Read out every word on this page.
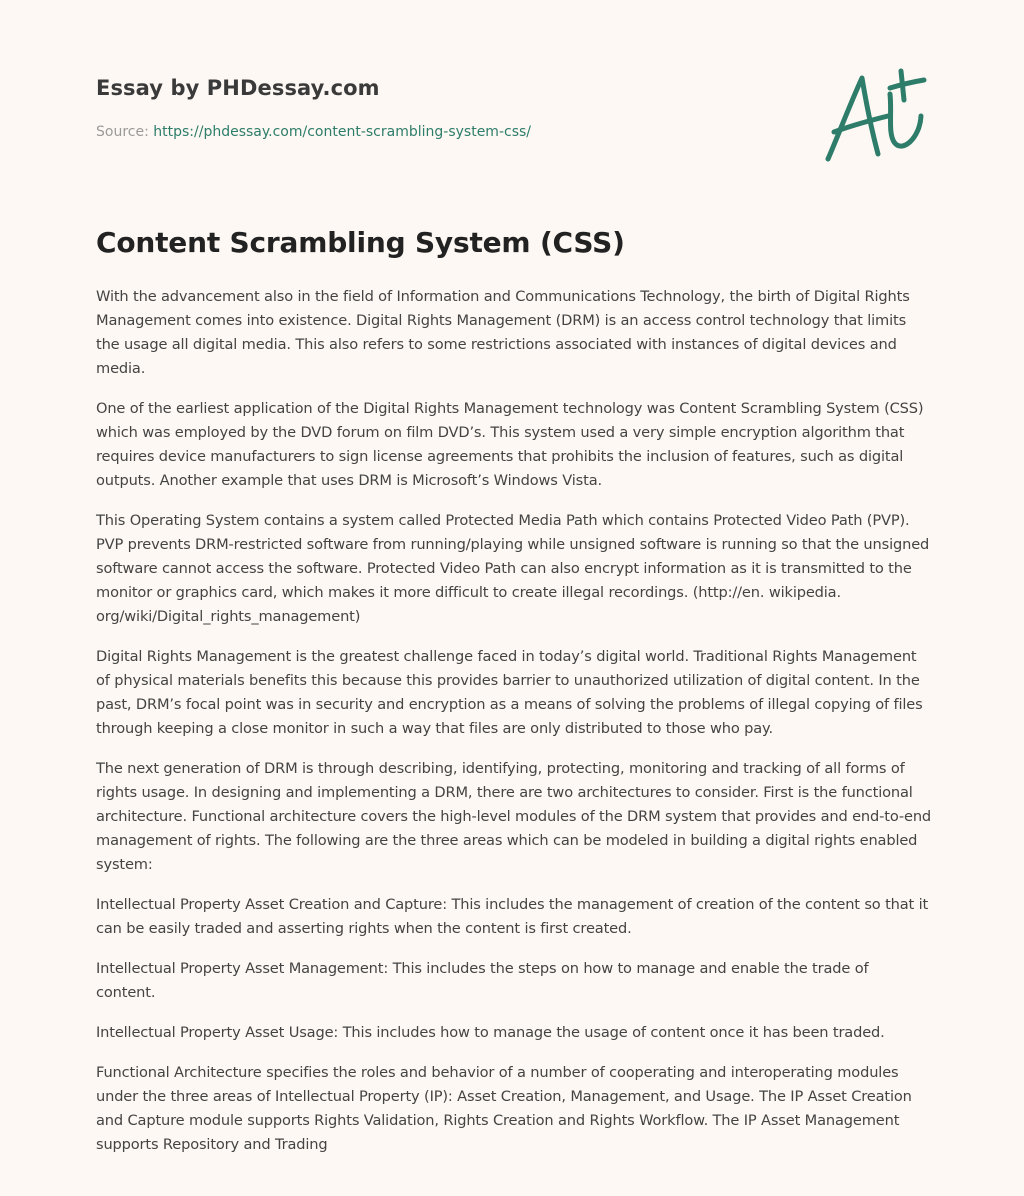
Essay by PHDessay.com
Source: https://phdessay.com/content-scrambling-system-css/
Content Scrambling System (CSS)

With the advancement also in the field of Information and Communications Technology, the birth of Digital Rights Management comes into existence. Digital Rights Management (DRM) is an access control technology that limits the usage all digital media. This also refers to some restrictions associated with instances of digital devices and media.

One of the earliest application of the Digital Rights Management technology was Content Scrambling System (CSS) which was employed by the DVD forum on film DVD’s. This system used a very simple encryption algorithm that requires device manufacturers to sign license agreements that prohibits the inclusion of features, such as digital outputs. Another example that uses DRM is Microsoft’s Windows Vista.

This Operating System contains a system called Protected Media Path which contains Protected Video Path (PVP). PVP prevents DRM-restricted software from running/playing while unsigned software is running so that the unsigned software cannot access the software. Protected Video Path can also encrypt information as it is transmitted to the monitor or graphics card, which makes it more difficult to create illegal recordings. (http://en. wikipedia. org/wiki/Digital_rights_management)

Digital Rights Management is the greatest challenge faced in today’s digital world. Traditional Rights Management of physical materials benefits this because this provides barrier to unauthorized utilization of digital content. In the past, DRM’s focal point was in security and encryption as a means of solving the problems of illegal copying of files through keeping a close monitor in such a way that files are only distributed to those who pay.

The next generation of DRM is through describing, identifying, protecting, monitoring and tracking of all forms of rights usage. In designing and implementing a DRM, there are two architectures to consider. First is the functional architecture. Functional architecture covers the high-level modules of the DRM system that provides and end-to-end management of rights. The following are the three areas which can be modeled in building a digital rights enabled system:

Intellectual Property Asset Creation and Capture: This includes the management of creation of the content so that it can be easily traded and asserting rights when the content is first created.

Intellectual Property Asset Management: This includes the steps on how to manage and enable the trade of content.

Intellectual Property Asset Usage: This includes how to manage the usage of content once it has been traded.

Functional Architecture specifies the roles and behavior of a number of cooperating and interoperating modules under the three areas of Intellectual Property (IP): Asset Creation, Management, and Usage. The IP Asset Creation and Capture module supports Rights Validation, Rights Creation and Rights Workflow. The IP Asset Management supports Repository and Trading
